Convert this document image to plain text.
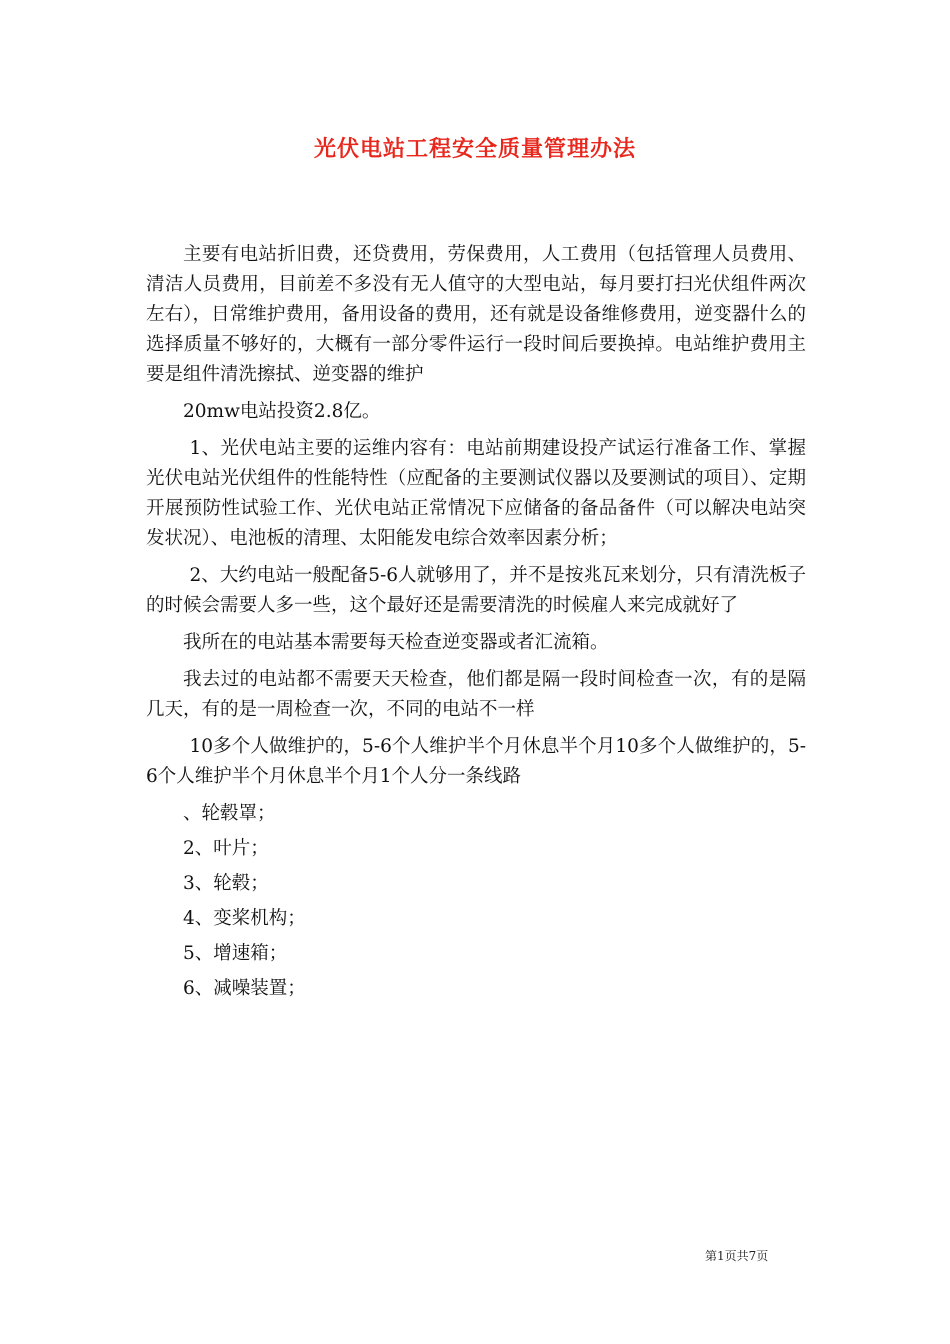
光伏电站工程安全质量管理办法

主要有电站折旧费，还贷费用，劳保费用，人工费用（包括管理人员费用、清洁人员费用，目前差不多没有无人值守的大型电站，每月要打扫光伏组件两次左右），日常维护费用，备用设备的费用，还有就是设备维修费用，逆变器什么的选择质量不够好的，大概有一部分零件运行一段时间后要换掉。电站维护费用主要是组件清洗擦拭、逆变器的维护

20mw电站投资2.8亿。

1、光伏电站主要的运维内容有：电站前期建设投产试运行准备工作、掌握光伏电站光伏组件的性能特性（应配备的主要测试仪器以及要测试的项目）、定期开展预防性试验工作、光伏电站正常情况下应储备的备品备件（可以解决电站突发状况）、电池板的清理、太阳能发电综合效率因素分析；

2、大约电站一般配备5-6人就够用了，并不是按兆瓦来划分，只有清洗板子的时候会需要人多一些，这个最好还是需要清洗的时候雇人来完成就好了

我所在的电站基本需要每天检查逆变器或者汇流箱。

我去过的电站都不需要天天检查，他们都是隔一段时间检查一次，有的是隔几天，有的是一周检查一次，不同的电站不一样

10多个人做维护的，5-6个人维护半个月休息半个月10多个人做维护的，5-6个人维护半个月休息半个月1个人分一条线路

、轮毂罩；

2、叶片；

3、轮毂；

4、变桨机构；

5、增速箱；

6、减噪装置；

第1页共7页
